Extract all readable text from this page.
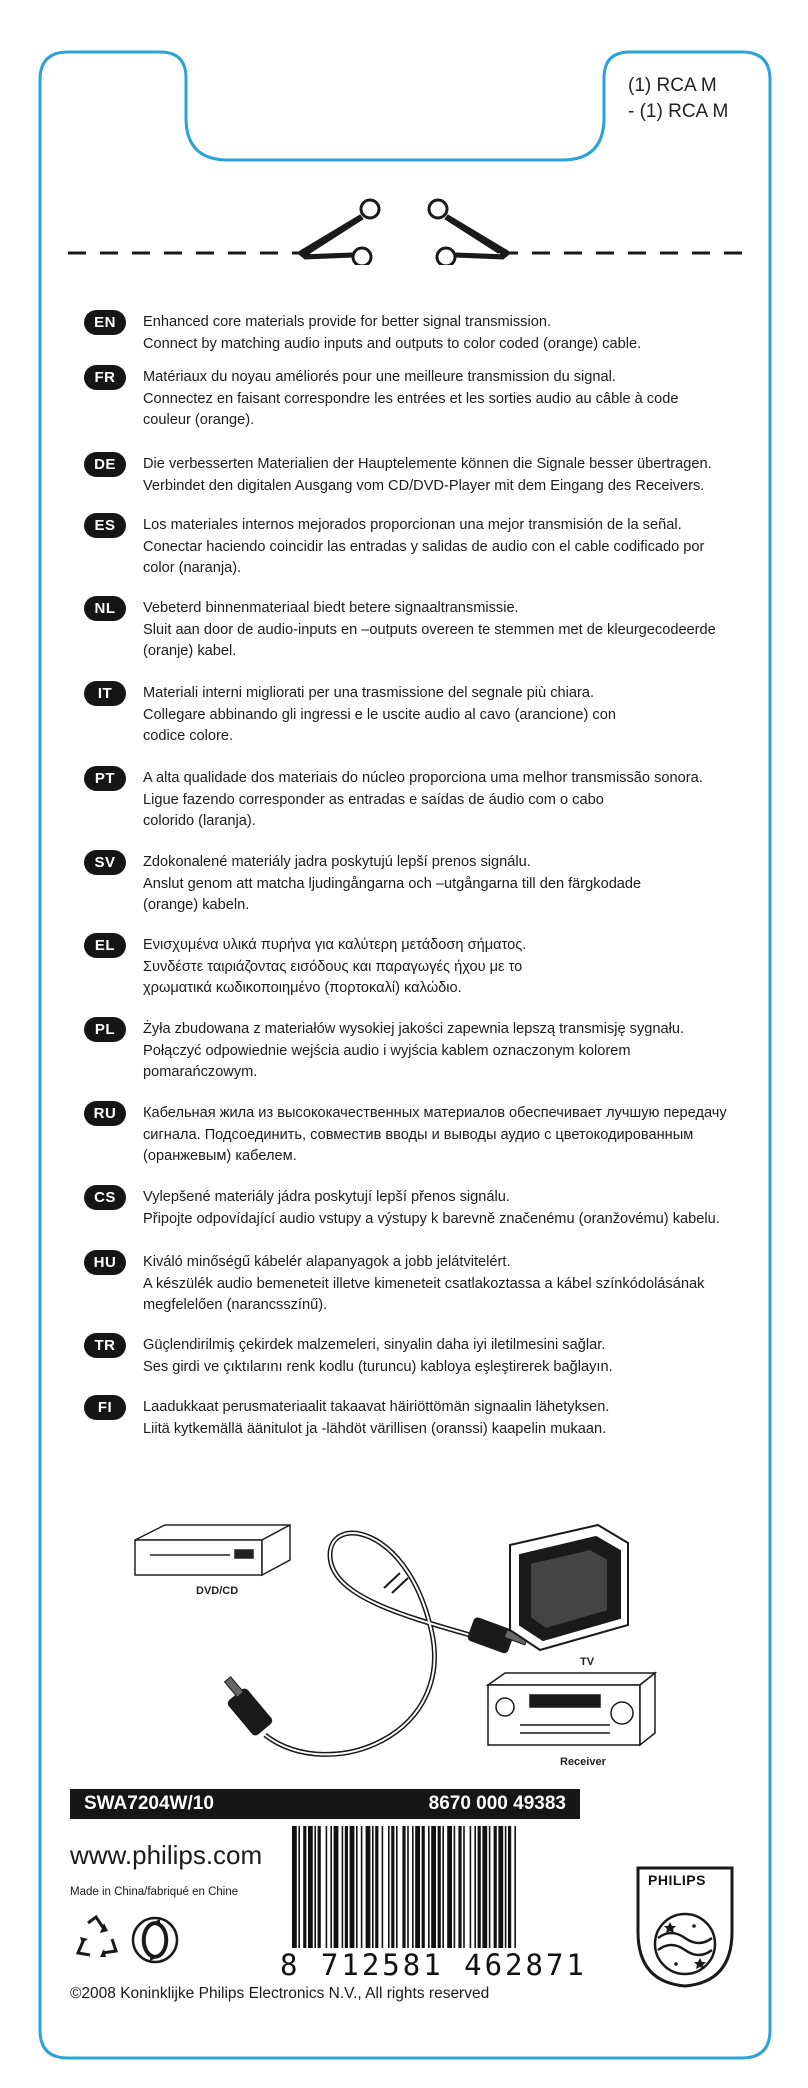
(1) RCA M
- (1) RCA M
EN	Enhanced core materials provide for better signal transmission.
Connect by matching audio inputs and outputs to color coded (orange) cable.
FR	Matériaux du noyau améliorés pour une meilleure transmission du signal.
Connectez en faisant correspondre les entrées et les sorties audio au câble à code
couleur (orange).
DE	Die verbesserten Materialien der Hauptelemente können die Signale besser übertragen.
Verbindet den digitalen Ausgang vom CD/DVD-Player mit dem Eingang des Receivers.
ES	Los materiales internos mejorados proporcionan una mejor transmisión de la señal.
Conectar haciendo coincidir las entradas y salidas de audio con el cable codificado por
color (naranja).
NL	Vebeterd binnenmateriaal biedt betere signaaltransmissie.
Sluit aan door de audio-inputs en –outputs overeen te stemmen met de kleurgecodeerde
(oranje) kabel.
IT	Materiali interni migliorati per una trasmissione del segnale più chiara.
Collegare abbinando gli ingressi e le uscite audio al cavo (arancione) con
codice colore.
PT	A alta qualidade dos materiais do núcleo proporciona uma melhor transmissão sonora.
Ligue fazendo corresponder as entradas e saídas de áudio com o cabo
colorido (laranja).
SV	Zdokonalené materiály jadra poskytujú lepší prenos signálu.
Anslut genom att matcha ljudingångarna och –utgångarna till den färgkodade
(orange) kabeln.
EL	Ενισχυμένα υλικά πυρήνα για καλύτερη μετάδοση σήματος.
Συνδέστε ταιριάζοντας εισόδους και παραγωγές ήχου με το
χρωματικά κωδικοποιημένο (πορτοκαλί) καλώδιο.
PL	Żyła zbudowana z materiałów wysokiej jakości zapewnia lepszą transmisję sygnału.
Połączyć odpowiednie wejścia audio i wyjścia kablem oznaczonym kolorem
pomarańczowym.
RU	Кабельная жила из высококачественных материалов обеспечивает лучшую передачу
сигнала. Подсоединить, совместив вводы и выводы аудио с цветокодированным
(оранжевым) кабелем.
CS	Vylepšené materiály jádra poskytují lepší přenos signálu.
Připojte odpovídající audio vstupy a výstupy k barevně značenému (oranžovému) kabelu.
HU	Kiváló minőségű kábelér alapanyagok a jobb jelátvitelért.
A készülék audio bemeneteit illetve kimeneteit csatlakoztassa a kábel színkódolásának
megfelelően (narancsszínű).
TR	Güçlendirilmiş çekirdek malzemeleri, sinyalin daha iyi iletilmesini sağlar.
Ses girdi ve çıktılarını renk kodlu (turuncu) kabloya eşleştirerek bağlayın.
FI	Laadukkaat perusmateriaalit takaavat häiriöttömän signaalin lähetyksen.
Liitä kytkemällä äänitulot ja -lähdöt värillisen (oranssi) kaapelin mukaan.
DVD/CD
TV
Receiver
SWA7204W/10	8670 000 49383
www.philips.com
Made in China/fabriqué en Chine
8 712581 462871
PHILIPS
©2008 Koninklijke Philips Electronics N.V., All rights reserved
